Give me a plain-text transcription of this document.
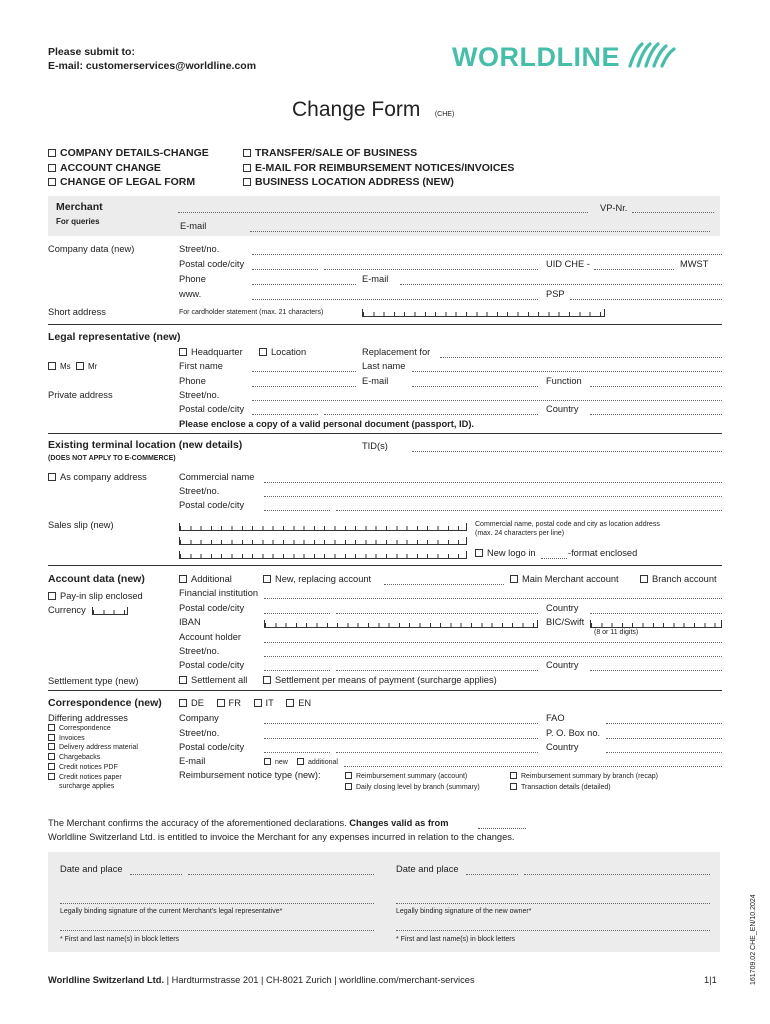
Please submit to:
E-mail: customerservices@worldline.com	WORLDLINE
Change Form (CHE)
COMPANY DETAILS-CHANGE
ACCOUNT CHANGE
CHANGE OF LEGAL FORM
TRANSFER/SALE OF BUSINESS
E-MAIL FOR REIMBURSEMENT NOTICES/INVOICES
BUSINESS LOCATION ADDRESS (NEW)
Merchant	VP-Nr.
For queries	E-mail
Company data (new)	Street/no.
Postal code/city	UID CHE -	MWST
Phone	E-mail
www.	PSP
Short address	For cardholder statement (max. 21 characters)
Legal representative (new)
Headquarter	Location	Replacement for
Ms	Mr	First name	Last name
Phone	E-mail	Function
Private address	Street/no.
Postal code/city	Country
Please enclose a copy of a valid personal document (passport, ID).
Existing terminal location (new details)	TID(s)
(DOES NOT APPLY TO E-COMMERCE)
As company address	Commercial name
Street/no.
Postal code/city
Sales slip (new)	Commercial name, postal code and city as location address
(max. 24 characters per line)
New logo in	-format enclosed
Account data (new)	Additional	New, replacing account	Main Merchant account	Branch account
Pay-in slip enclosed	Financial institution
Currency	Postal code/city	Country
IBAN	BIC/Swift
(8 or 11 digits)
Account holder
Street/no.
Postal code/city	Country
Settlement type (new)	Settlement all	Settlement per means of payment (surcharge applies)
Correspondence (new)	DE	FR	IT	EN
Differing addresses
Correspondence
Invoices
Delivery address material
Chargebacks
Credit notices PDF
Credit notices paper
surcharge applies
Company	FAO
Street/no.	P. O. Box no.
Postal code/city	Country
E-mail	new	additional
Reimbursement notice type (new):	Reimbursement summary (account)	Reimbursement summary by branch (recap)
Daily closing level by branch (summary)	Transaction details (detailed)
The Merchant confirms the accuracy of the aforementioned declarations. Changes valid as from
Worldline Switzerland Ltd. is entitled to invoice the Merchant for any expenses incurred in relation to the changes.
Date and place	Date and place
Legally binding signature of the current Merchant's legal representative*	Legally binding signature of the new owner*
* First and last name(s) in block letters	* First and last name(s) in block letters
Worldline Switzerland Ltd. | Hardturmstrasse 201 | CH-8021 Zurich | worldline.com/merchant-services	1|1	161709.02 CHE_EN/10.2024
